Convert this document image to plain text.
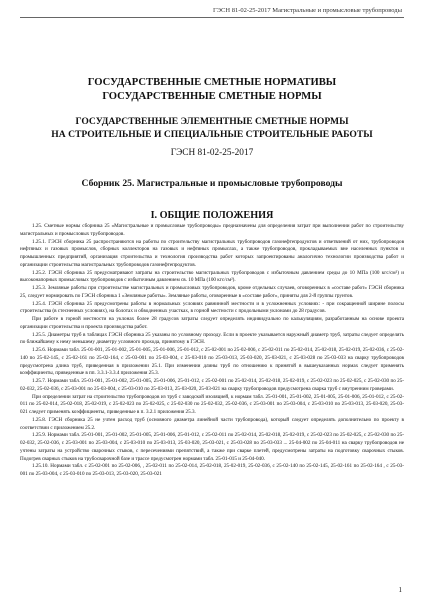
ГЭСН 81-02-25-2017 Магистральные и промысловые трубопроводы
ГОСУДАРСТВЕННЫЕ СМЕТНЫЕ НОРМАТИВЫ
ГОСУДАРСТВЕННЫЕ СМЕТНЫЕ НОРМЫ
ГОСУДАРСТВЕННЫЕ ЭЛЕМЕНТНЫЕ СМЕТНЫЕ НОРМЫ
НА СТРОИТЕЛЬНЫЕ И СПЕЦИАЛЬНЫЕ СТРОИТЕЛЬНЫЕ РАБОТЫ
ГЭСН 81-02-25-2017
Сборник 25. Магистральные и промысловые трубопроводы
I. ОБЩИЕ ПОЛОЖЕНИЯ

1.25. Сметные нормы сборника 25 «Магистральные и промысловые трубопроводы» предназначены для определения затрат при выполнении работ по строительству магистральных и промысловых трубопроводов.

1.25.1. ГЭСН сборника 25 распространяются на работы по строительству магистральных трубопроводов газонефтепродуктов и ответвлений от них, трубопроводов нефтяных и газовых промыслов, сборных коллекторов на газовых и нефтяных промыслах, а также трубопроводов, прокладываемых вне населенных пунктов и промышленных предприятий, организация строительства и технология производства работ которых запроектированы аналогично технологии производства работ и организации строительства магистральных трубопроводов газонефтепродуктов.

1.25.2. ГЭСН сборника 25 предусматривают затраты на строительство магистральных трубопроводов с избыточным давлением среды до 10 МПа (100 кгс/см²) и высоконапорных промысловых трубопроводов с избыточным давлением св. 10 МПа (100 кгс/см²).

1.25.3. Земляные работы при строительстве магистральных и промысловых трубопроводов, кроме отдельных случаев, оговоренных в «составе работ» ГЭСН сборника 25, следует нормировать по ГЭСН сборника 1 «Земляные работы». Земляные работы, оговоренные в «составе работ», приняты для 2-й группы грунтов.

1.25.4. ГЭСН сборника 25 предусмотрены работы в нормальных условиях равнинной местности и в усложненных условиях: - при сокращенной ширине полосы строительства (в стесненных условиях), на болотах и обводненных участках, в горной местности с продольными уклонами до 28 градусов.

При работе в горной местности на уклонах более 28 градусов затраты следует определять индивидуально по калькуляциям, разработанным на основе проекта организации строительства и проекта производства работ.

1.25.5. Диаметры труб в таблицах ГЭСН сборника 25 указаны по условному проходу. Если в проекте указывается наружный диаметр труб, затраты следует определять по ближайшему к нему меньшему диаметру условного прохода, принятому в ГЭСН.

1.25.6. Нормами табл. 25-01-001, 25-01-002, 25-01-005, 25-01-006, 25-01-012, с 25-02-001 по 25-02-006, с 25-02-011 по 25-02-014, 25-02-018, 25-02-019, 25-02-036, с 25-02-140 по 25-02-145, с 25-02-161 по 25-02-164, с 25-03-001 по 25-03-004, с 25-03-010 по 25-03-013, 25-03-020, 25-03-021, с 25-03-028 по 25-03-033 на сварку трубопроводов предусмотрена длина труб, приведенная в приложении 25.1. При изменении длины труб по отношению к принятой в вышеуказанных нормах следует применять коэффициенты, приведенные в пп. 3.3.1-3.3.4 приложения 25.3.

1.25.7. Нормами табл. 25-01-001, 25-01-002, 25-01-005, 25-01-006, 25-01-012, с 25-02-001 по 25-02-014, 25-02-018, 25-02-019, с 25-02-023 по 25-02-025, с 25-02-030 по 25-02-032, 25-02-036, с 25-03-001 по 25-03-004, с 25-03-010 по 25-03-013, 25-03-020, 25-03-021 на сварку трубопроводов предусмотрена сварка труб с внутренним гроверами.

При определении затрат на строительство трубопроводов из труб с заводской изоляцией, к нормам табл. 25-01-001, 25-01-002, 25-01-005, 25-01-006, 25-01-012, с 25-02-011 по 25-02-014, 25-02-018, 25-02-019, с 25-02-023 по 25-02-025, с 25-02-030 по 25-02-032, 25-02-036, с 25-03-001 по 25-03-004, с 25-03-010 по 25-03-013, 25-03-020, 25-03-021 следует применять коэффициенты, приведенные в п. 3.2.1 приложения 25.3.

1.25.8. ГЭСН сборника 25 не учтен расход труб (основного диаметра линейной части трубопровода), который следует определять дополнительно по проекту в соответствии с приложением 25.2.

1.25.9. Нормами табл. 25-01-001, 25-01-002, 25-01-005, 25-01-006, 25-01-012, с 25-02-011 по 25-02-014, 25-02-018, 25-02-019, с 25-02-023 по 25-02-025, с 25-02-030 по 25-02-032, 25-02-036, с 25-03-001 по 25-03-004, с 25-03-010 по 25-03-013, 25-03-020, 25-03-021, с 25-03-028 по 25-03-033 ... 25-04-002 по 25-04-011 на сварку трубопроводов не учтены затраты на устройство сварочных стыков, с пересечениями препятствий, а также при сварке плетей, предусмотрены затраты на подготовку сварочных стыков. Подогрев сварных стыков на трубосварочной базе и трассе предусмотрен нормами табл. 25-01-015 и 25-04-040.

1.25.10. Нормами табл. с 25-02-001 по 25-02-006, , 25-02-011 по 25-02-014, 25-02-018, 25-02-019, 25-02-036, с 25-02-140 по 25-02-145, 25-02-161 по 25-02-164 , с 25-03-001 по 25-03-004, с 25-03-010 по 25-03-013, 25-03-020, 25-03-021

1
